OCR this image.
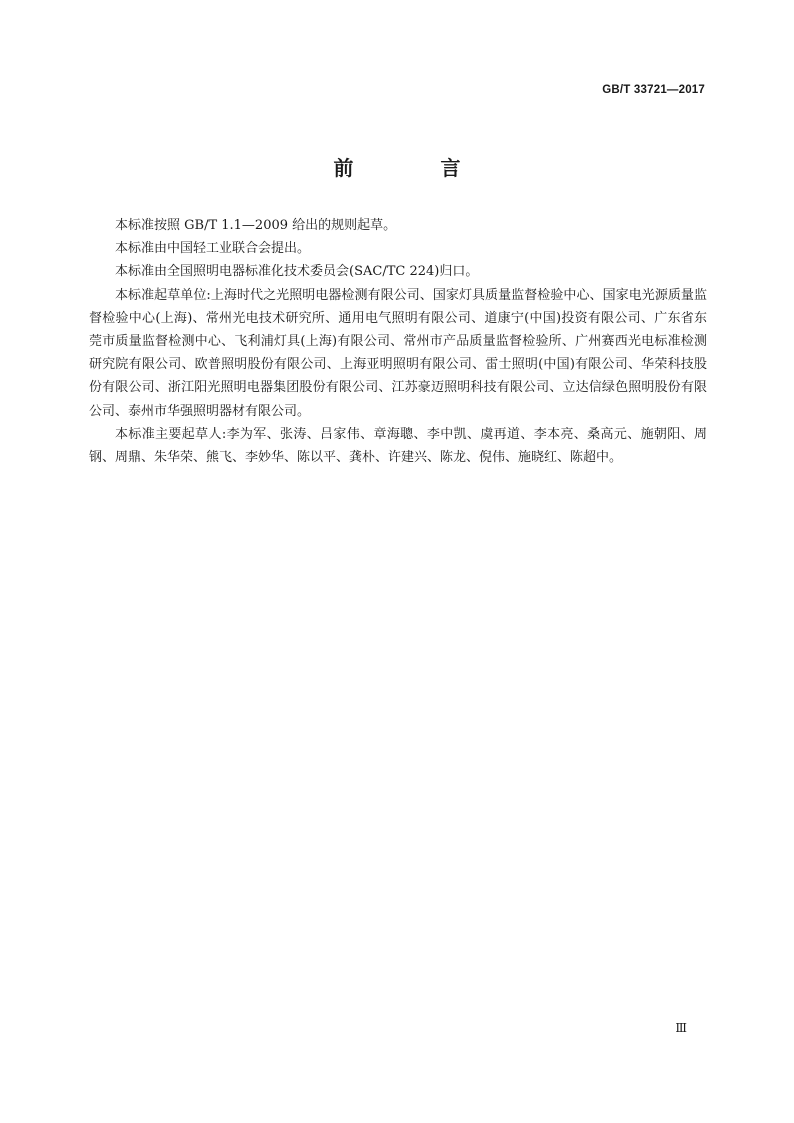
GB/T 33721—2017
前 言

本标准按照 GB/T 1.1—2009 给出的规则起草。

本标准由中国轻工业联合会提出。

本标准由全国照明电器标准化技术委员会(SAC/TC 224)归口。

本标准起草单位:上海时代之光照明电器检测有限公司、国家灯具质量监督检验中心、国家电光源质量监督检验中心(上海)、常州光电技术研究所、通用电气照明有限公司、道康宁(中国)投资有限公司、广东省东莞市质量监督检测中心、飞利浦灯具(上海)有限公司、常州市产品质量监督检验所、广州赛西光电标准检测研究院有限公司、欧普照明股份有限公司、上海亚明照明有限公司、雷士照明(中国)有限公司、华荣科技股份有限公司、浙江阳光照明电器集团股份有限公司、江苏豪迈照明科技有限公司、立达信绿色照明股份有限公司、泰州市华强照明器材有限公司。

本标准主要起草人:李为军、张涛、吕家伟、章海聰、李中凯、虞再道、李本亮、桑高元、施朝阳、周钢、周鼎、朱华荣、熊飞、李妙华、陈以平、龚朴、许建兴、陈龙、倪伟、施晓红、陈超中。

Ⅲ
